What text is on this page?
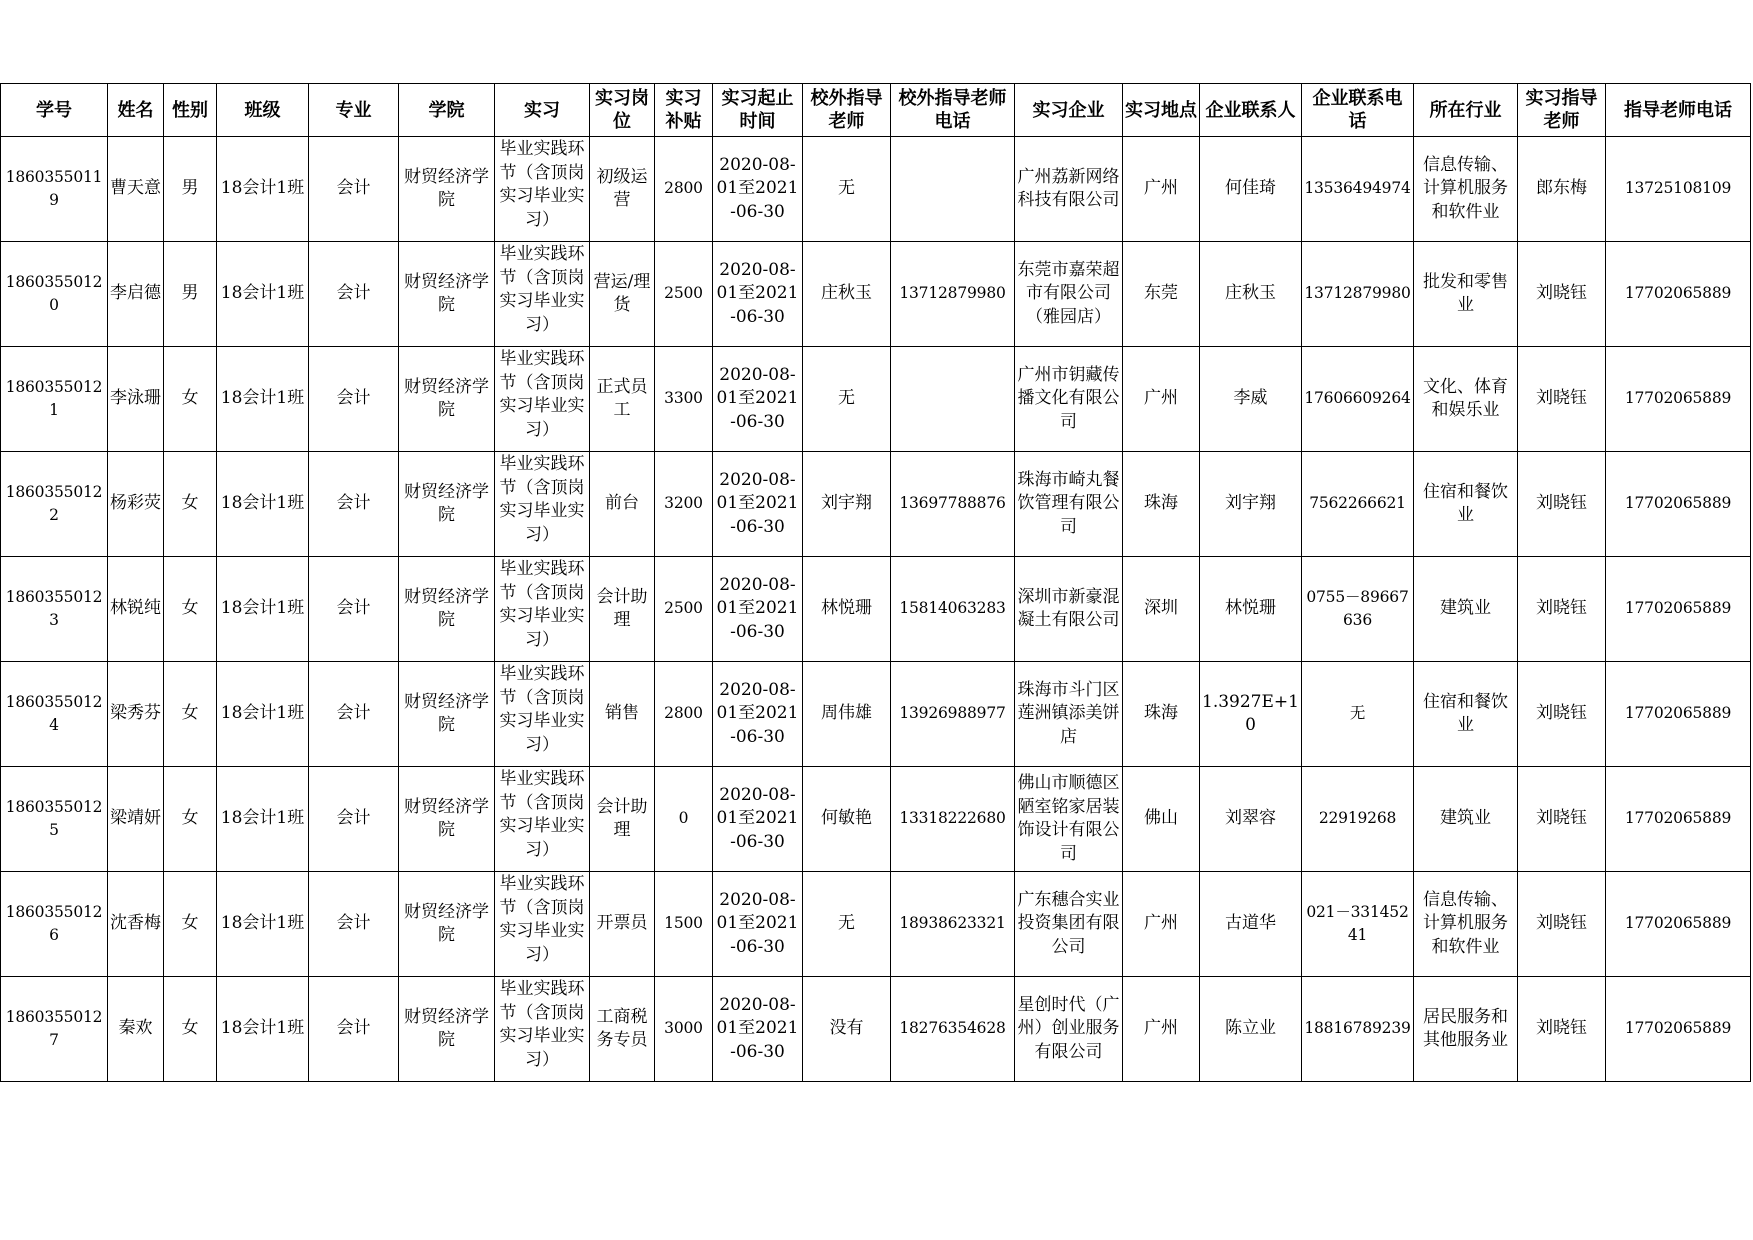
学号	姓名	性别	班级	专业	学院	实习	实习岗位	实习补贴	实习起止时间	校外指导老师	校外指导老师电话	实习企业	实习地点	企业联系人	企业联系电话	所在行业	实习指导老师	指导老师电话
18603550119	曹天意	男	18会计1班	会计	财贸经济学院	毕业实践环节（含顶岗实习毕业实习）	初级运营	2800	2020-08-01至2021-06-30	无		广州荔新网络科技有限公司	广州	何佳琦	13536494974	信息传输、计算机服务和软件业	郎东梅	13725108109
18603550120	李启德	男	18会计1班	会计	财贸经济学院	毕业实践环节（含顶岗实习毕业实习）	营运/理货	2500	2020-08-01至2021-06-30	庄秋玉	13712879980	东莞市嘉荣超市有限公司（雅园店）	东莞	庄秋玉	13712879980	批发和零售业	刘晓钰	17702065889
18603550121	李泳珊	女	18会计1班	会计	财贸经济学院	毕业实践环节（含顶岗实习毕业实习）	正式员工	3300	2020-08-01至2021-06-30	无		广州市钥藏传播文化有限公司	广州	李威	17606609264	文化、体育和娱乐业	刘晓钰	17702065889
18603550122	杨彩荧	女	18会计1班	会计	财贸经济学院	毕业实践环节（含顶岗实习毕业实习）	前台	3200	2020-08-01至2021-06-30	刘宇翔	13697788876	珠海市崎丸餐饮管理有限公司	珠海	刘宇翔	7562266621	住宿和餐饮业	刘晓钰	17702065889
18603550123	林锐纯	女	18会计1班	会计	财贸经济学院	毕业实践环节（含顶岗实习毕业实习）	会计助理	2500	2020-08-01至2021-06-30	林悦珊	15814063283	深圳市新豪混凝土有限公司	深圳	林悦珊	0755－89667636	建筑业	刘晓钰	17702065889
18603550124	梁秀芬	女	18会计1班	会计	财贸经济学院	毕业实践环节（含顶岗实习毕业实习）	销售	2800	2020-08-01至2021-06-30	周伟雄	13926988977	珠海市斗门区莲洲镇添美饼店	珠海	1.3927E+10	无	住宿和餐饮业	刘晓钰	17702065889
18603550125	梁靖妍	女	18会计1班	会计	财贸经济学院	毕业实践环节（含顶岗实习毕业实习）	会计助理	0	2020-08-01至2021-06-30	何敏艳	13318222680	佛山市顺德区陋室铭家居装饰设计有限公司	佛山	刘翠容	22919268	建筑业	刘晓钰	17702065889
18603550126	沈香梅	女	18会计1班	会计	财贸经济学院	毕业实践环节（含顶岗实习毕业实习）	开票员	1500	2020-08-01至2021-06-30	无	18938623321	广东穗合实业投资集团有限公司	广州	古道华	021－33145241	信息传输、计算机服务和软件业	刘晓钰	17702065889
18603550127	秦欢	女	18会计1班	会计	财贸经济学院	毕业实践环节（含顶岗实习毕业实习）	工商税务专员	3000	2020-08-01至2021-06-30	没有	18276354628	星创时代（广州）创业服务有限公司	广州	陈立业	18816789239	居民服务和其他服务业	刘晓钰	17702065889
